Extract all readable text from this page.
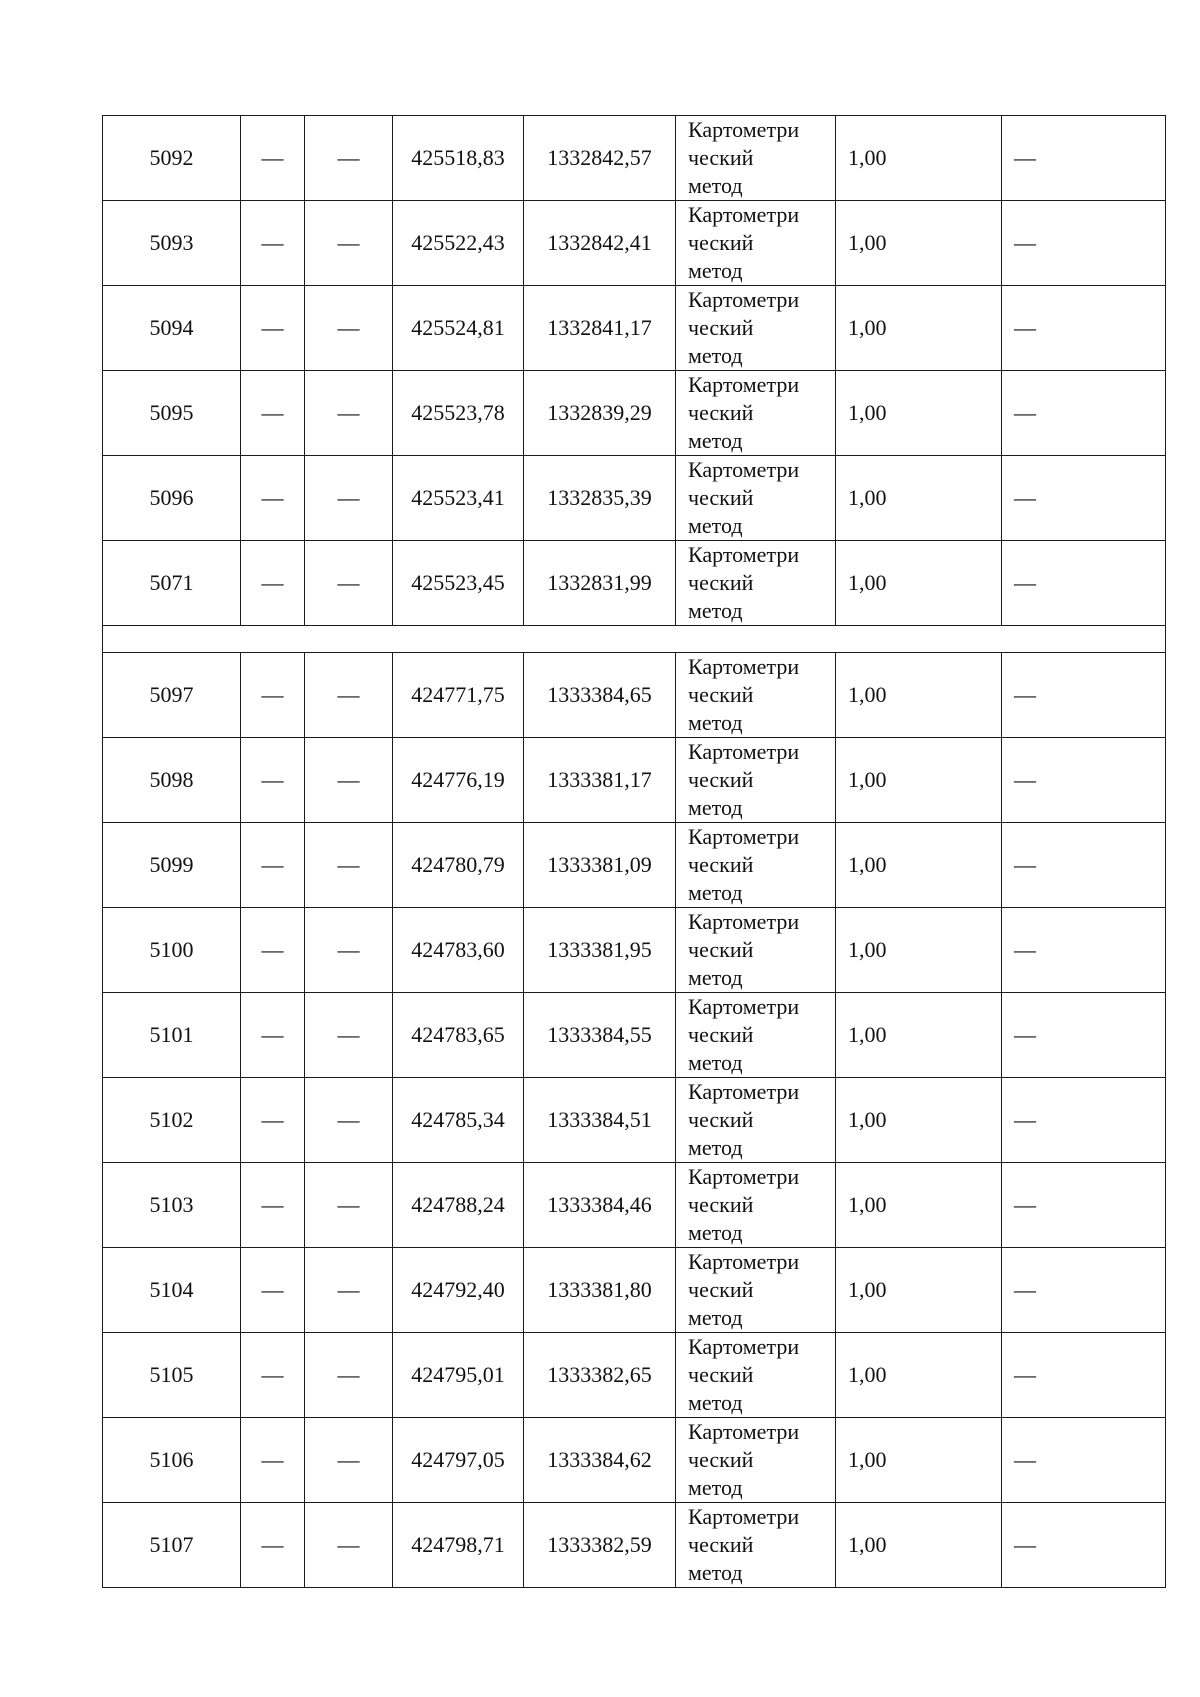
5092	—	—	425518,83	1332842,57	Картометри
ческий
метод	1,00	—
5093	—	—	425522,43	1332842,41	Картометри
ческий
метод	1,00	—
5094	—	—	425524,81	1332841,17	Картометри
ческий
метод	1,00	—
5095	—	—	425523,78	1332839,29	Картометри
ческий
метод	1,00	—
5096	—	—	425523,41	1332835,39	Картометри
ческий
метод	1,00	—
5071	—	—	425523,45	1332831,99	Картометри
ческий
метод	1,00	—

5097	—	—	424771,75	1333384,65	Картометри
ческий
метод	1,00	—
5098	—	—	424776,19	1333381,17	Картометри
ческий
метод	1,00	—
5099	—	—	424780,79	1333381,09	Картометри
ческий
метод	1,00	—
5100	—	—	424783,60	1333381,95	Картометри
ческий
метод	1,00	—
5101	—	—	424783,65	1333384,55	Картометри
ческий
метод	1,00	—
5102	—	—	424785,34	1333384,51	Картометри
ческий
метод	1,00	—
5103	—	—	424788,24	1333384,46	Картометри
ческий
метод	1,00	—
5104	—	—	424792,40	1333381,80	Картометри
ческий
метод	1,00	—
5105	—	—	424795,01	1333382,65	Картометри
ческий
метод	1,00	—
5106	—	—	424797,05	1333384,62	Картометри
ческий
метод	1,00	—
5107	—	—	424798,71	1333382,59	Картометри
ческий
метод	1,00	—
